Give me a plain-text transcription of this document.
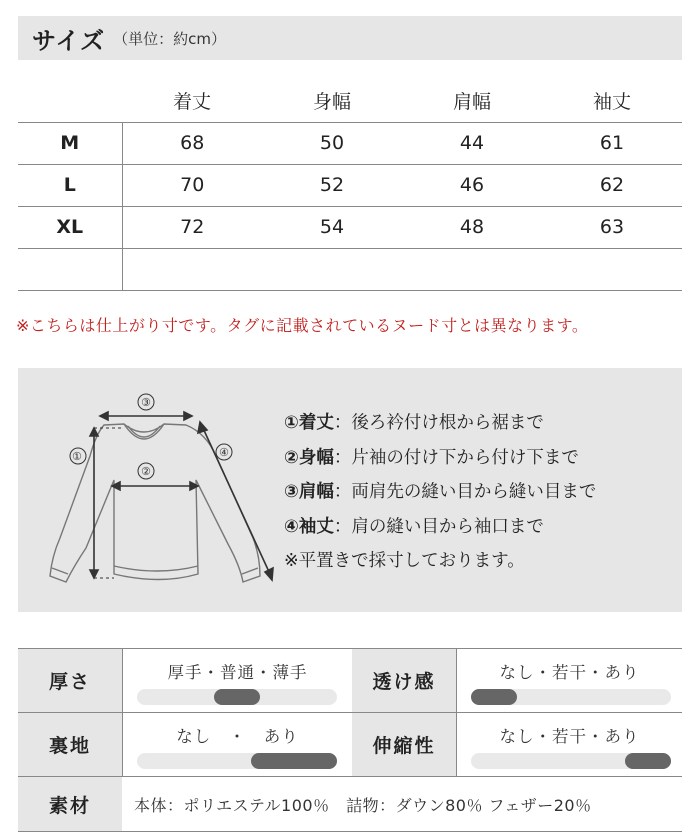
サイズ （単位：約cm）
	着丈	身幅	肩幅	袖丈
M	68	50	44	61
L	70	52	46	62
XL	72	54	48	63

※こちらは仕上がり寸です。タグに記載されているヌード寸とは異なります。
①
③
②
④
①着丈：後ろ衿付け根から裾まで
②身幅：片袖の付け下から付け下まで
③肩幅：両肩先の縫い目から縫い目まで
④袖丈：肩の縫い目から袖口まで
※平置きで採寸しております。
厚さ	厚手・普通・薄手	透け感	なし・若干・あり
裏地	なし　・　あり	伸縮性	なし・若干・あり
素材	本体：ポリエステル100％　詰物：ダウン80％ フェザー20％
